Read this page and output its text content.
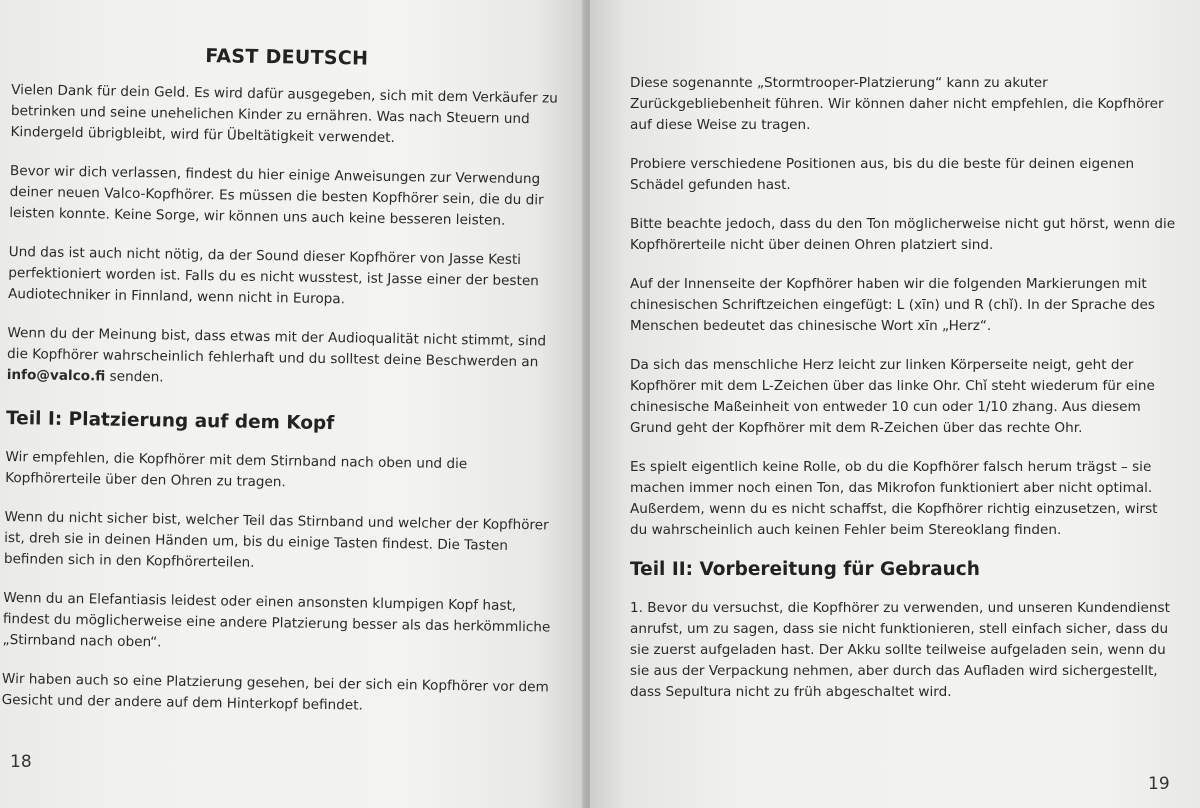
FAST DEUTSCH

Vielen Dank für dein Geld. Es wird dafür ausgegeben, sich mit dem Verkäufer zu betrinken und seine unehelichen Kinder zu ernähren. Was nach Steuern und Kindergeld übrigbleibt, wird für Übeltätigkeit verwendet.

Bevor wir dich verlassen, findest du hier einige Anweisungen zur Verwendung deiner neuen Valco-Kopfhörer. Es müssen die besten Kopfhörer sein, die du dir leisten konnte. Keine Sorge, wir können uns auch keine besseren leisten.

Und das ist auch nicht nötig, da der Sound dieser Kopfhörer von Jasse Kesti perfektioniert worden ist. Falls du es nicht wusstest, ist Jasse einer der besten Audiotechniker in Finnland, wenn nicht in Europa.

Wenn du der Meinung bist, dass etwas mit der Audioqualität nicht stimmt, sind die Kopfhörer wahrscheinlich fehlerhaft und du solltest deine Beschwerden an info@valco.fi senden.

Teil I: Platzierung auf dem Kopf

Wir empfehlen, die Kopfhörer mit dem Stirnband nach oben und die Kopfhörerteile über den Ohren zu tragen.

Wenn du nicht sicher bist, welcher Teil das Stirnband und welcher der Kopfhörer ist, dreh sie in deinen Händen um, bis du einige Tasten findest. Die Tasten befinden sich in den Kopfhörerteilen.

Wenn du an Elefantiasis leidest oder einen ansonsten klumpigen Kopf hast, findest du möglicherweise eine andere Platzierung besser als das herkömmliche „Stirnband nach oben“.

Wir haben auch so eine Platzierung gesehen, bei der sich ein Kopfhörer vor dem Gesicht und der andere auf dem Hinterkopf befindet.

Diese sogenannte „Stormtrooper-Platzierung“ kann zu akuter Zurückgebliebenheit führen. Wir können daher nicht empfehlen, die Kopfhörer auf diese Weise zu tragen.

Probiere verschiedene Positionen aus, bis du die beste für deinen eigenen Schädel gefunden hast.

Bitte beachte jedoch, dass du den Ton möglicherweise nicht gut hörst, wenn die Kopfhörerteile nicht über deinen Ohren platziert sind.

Auf der Innenseite der Kopfhörer haben wir die folgenden Markierungen mit chinesischen Schriftzeichen eingefügt: L (xīn) und R (chǐ). In der Sprache des Menschen bedeutet das chinesische Wort xīn „Herz“.

Da sich das menschliche Herz leicht zur linken Körperseite neigt, geht der Kopfhörer mit dem L-Zeichen über das linke Ohr. Chǐ steht wiederum für eine chinesische Maßeinheit von entweder 10 cun oder 1/10 zhang. Aus diesem Grund geht der Kopfhörer mit dem R-Zeichen über das rechte Ohr.

Es spielt eigentlich keine Rolle, ob du die Kopfhörer falsch herum trägst – sie machen immer noch einen Ton, das Mikrofon funktioniert aber nicht optimal. Außerdem, wenn du es nicht schaffst, die Kopfhörer richtig einzusetzen, wirst du wahrscheinlich auch keinen Fehler beim Stereoklang finden.

Teil II: Vorbereitung für Gebrauch

1. Bevor du versuchst, die Kopfhörer zu verwenden, und unseren Kundendienst anrufst, um zu sagen, dass sie nicht funktionieren, stell einfach sicher, dass du sie zuerst aufgeladen hast. Der Akku sollte teilweise aufgeladen sein, wenn du sie aus der Verpackung nehmen, aber durch das Aufladen wird sichergestellt, dass Sepultura nicht zu früh abgeschaltet wird.

18
19
